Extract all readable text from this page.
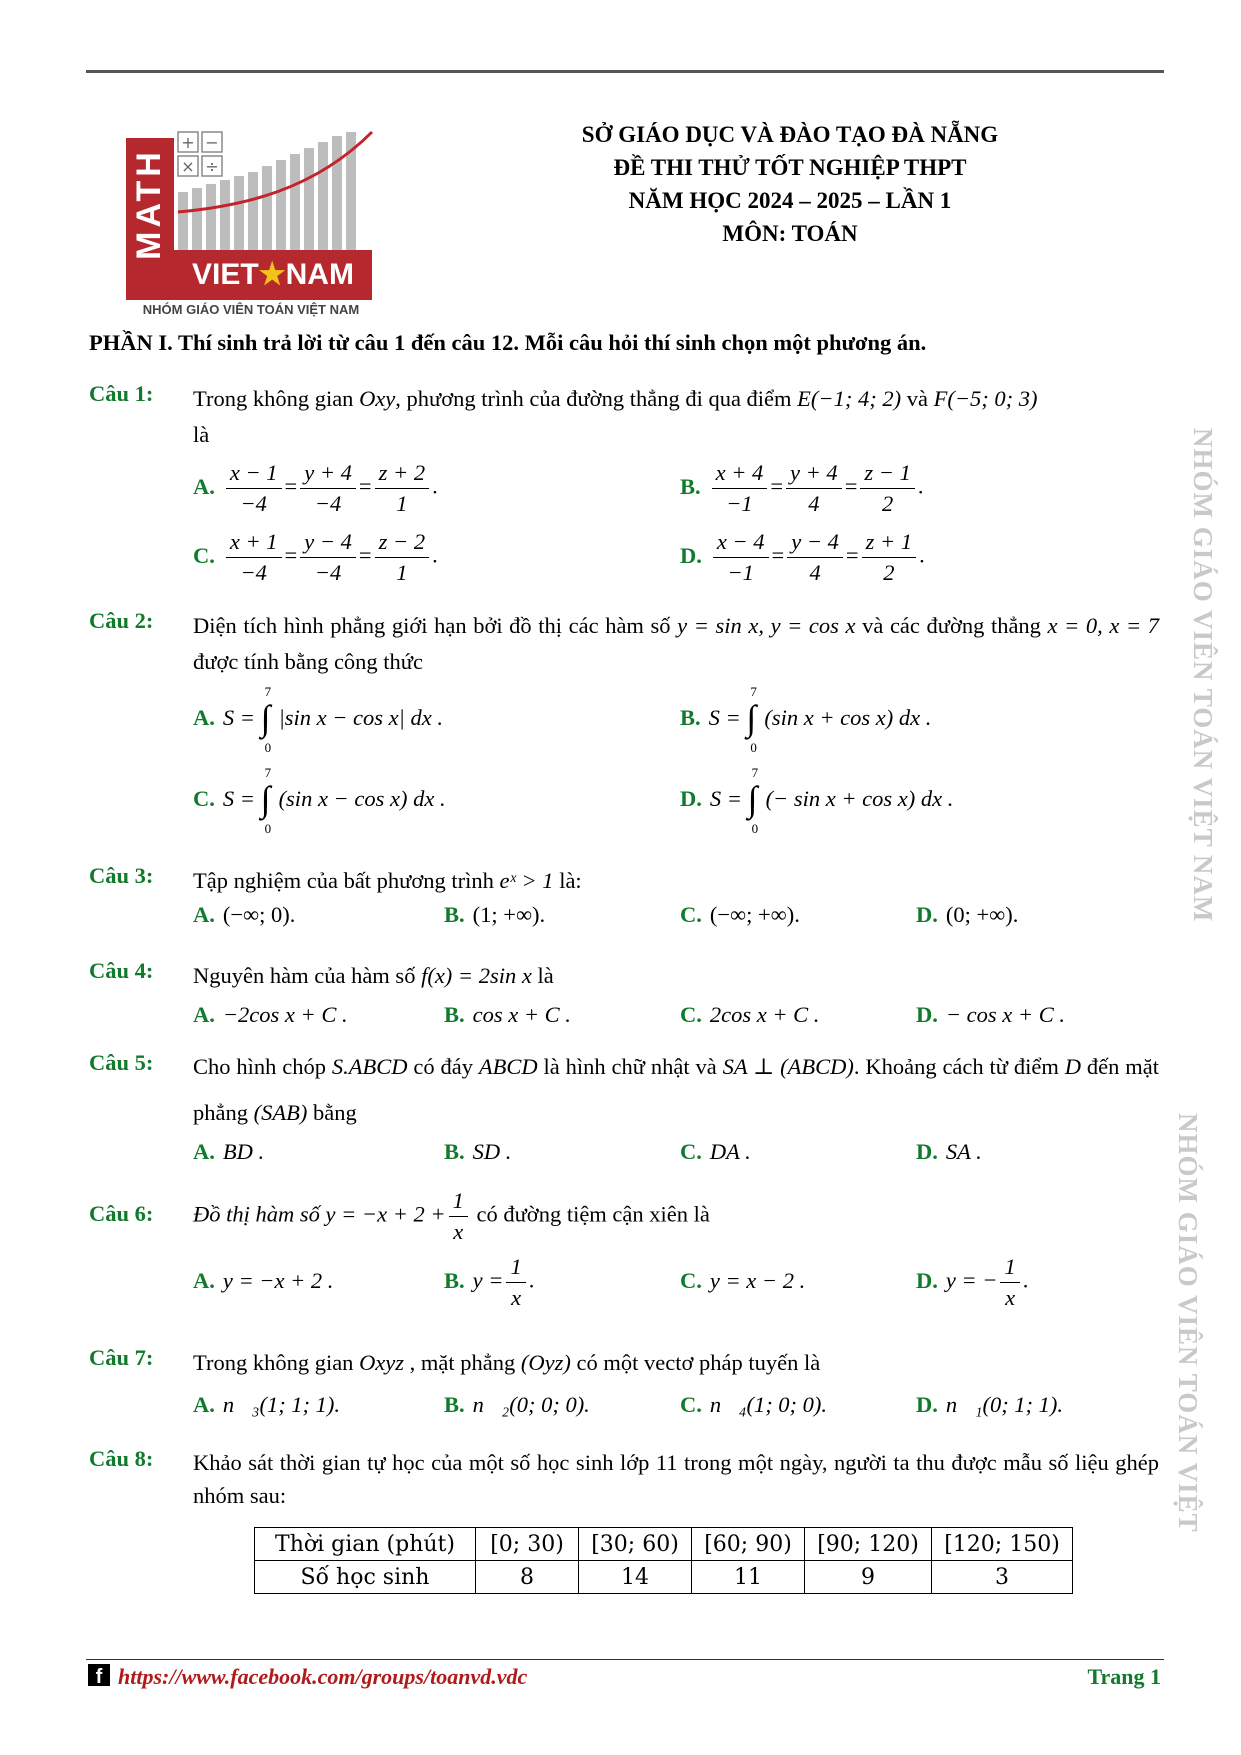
MATH
+ −
× ÷
VIET★NAM
NHÓM GIÁO VIÊN TOÁN VIỆT NAM
SỞ GIÁO DỤC VÀ ĐÀO TẠO ĐÀ NẴNG
ĐỀ THI THỬ TỐT NGHIỆP THPT
NĂM HỌC 2024 – 2025 – LẦN 1
MÔN: TOÁN
PHẦN I. Thí sinh trả lời từ câu 1 đến câu 12. Mỗi câu hỏi thí sinh chọn một phương án.
Câu 1: Trong không gian Oxy, phương trình của đường thẳng đi qua điểm E(−1; 4; 2) và F(−5; 0; 3)
là
A. $\frac{x - 1}{-4} = \frac{y + 4}{-4} = \frac{z + 2}{1}$ .	B. $\frac{x + 4}{-1} = \frac{y + 4}{4} = \frac{z - 1}{2}$ .
C. $\frac{x + 1}{-4} = \frac{y - 4}{-4} = \frac{z - 2}{1}$ .	D. $\frac{x - 4}{-1} = \frac{y - 4}{4} = \frac{z + 1}{2}$ .
Câu 2: Diện tích hình phẳng giới hạn bởi đồ thị các hàm số y = sin x, y = cos x và các đường thẳng x = 0, x = 7 được tính bằng công thức
A. S =
7
∫
0
|sin x − cos x| dx .	B. S =
7
∫
0
(sin x + cos x) dx .
C. S =
7
∫
0
(sin x − cos x) dx .	D. S =
7
∫
0
(− sin x + cos x) dx .
Câu 3: Tập nghiệm của bất phương trình eˣ > 1 là:
A. (−∞; 0).	B. (1; +∞).	C. (−∞; +∞).	D. (0; +∞).
Câu 4: Nguyên hàm của hàm số f(x) = 2sin x là
A. −2cos x + C .	B. cos x + C .	C. 2cos x + C .	D. − cos x + C .
Câu 5: Cho hình chóp S.ABCD có đáy ABCD là hình chữ nhật và SA ⊥ (ABCD). Khoảng cách từ điểm D đến mặt phẳng (SAB) bằng
A. BD .	B. SD .	C. DA .	D. SA .
Câu 6: Đồ thị hàm số $y = -x + 2 + \frac{1}{x}$ có đường tiệm cận xiên là
A. y = −x + 2 .	B. $y = \frac{1}{x}$ .	C. y = x − 2 .	D. y = − $\frac{1}{x}$ .
Câu 7: Trong không gian Oxyz , mặt phẳng (Oyz) có một vectơ pháp tuyến là
A. n⃗₃(1; 1; 1).	B. n⃗₂(0; 0; 0).	C. n⃗₄(1; 0; 0).	D. n⃗₁(0; 1; 1).
Câu 8: Khảo sát thời gian tự học của một số học sinh lớp 11 trong một ngày, người ta thu được mẫu số liệu ghép nhóm sau:
Thời gian (phút)	[0; 30)	[30; 60)	[60; 90)	[90; 120)	[120; 150)
Số học sinh	8	14	11	9	3
NHÓM GIÁO VIÊN TOÁN VIỆT NAM
NHÓM GIÁO VIÊN TOÁN VIỆT
f https://www.facebook.com/groups/toanvd.vdc	Trang 1
